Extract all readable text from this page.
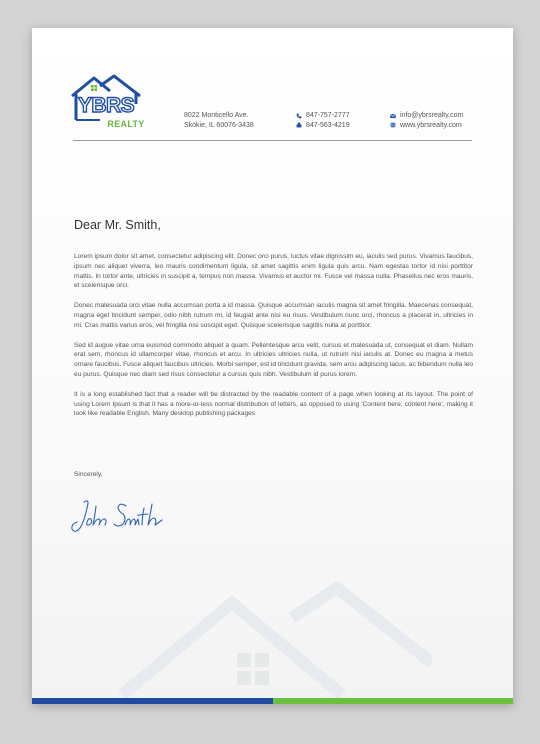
YBRS
REALTY
8022 Monticello Ave.
Skokie, IL 60076-3438
847-757-2777
847-563-4219
info@ybrsrealty.com
www.ybrsrealty.com
Dear Mr. Smith,

Lorem ipsum dolor sit amet, consectetur adipiscing elit. Donec orci purus, luctus vitae dignissim eu, iaculis sed purus. Vivamus faucibus, ipsum nec aliquet viverra, leo mauris condimentum ligula, sit amet sagittis enim ligula quis arcu. Nam egestas tortor id nisi porttitor mattis. In tortor ante, ultricies in suscipit a, tempus non massa. Vivamus et auctor mi. Fusce vel massa nulla. Phasellus nec eros mauris, et scelerisque orci.

Donec malesuada orci vitae nulla accumsan porta a id massa. Quisque accumsan iaculis magna sit amet fringilla. Maecenas consequat, magna eget tincidunt semper, odio nibh rutrum mi, id feugiat ante nisi eu risus. Vestibulum nunc orci, rhoncus a placerat in, ultricies in mi. Cras mattis varius eros, vel fringilla nisi suscipit eget. Quisque scelerisque sagittis nulla at porttitor.

Sed id augue vitae urna euismod commodo aliquet a quam. Pellentesque arcu velit, cursus et malesuada ut, consequat et diam. Nullam erat sem, rhoncus id ullamcorper vitae, rhoncus et arcu. In ultricies ultricies nulla, ut rutrum nisi iaculis at. Donec eu magna a metus ornare faucibus. Fusce aliquet faucibus ultricies. Morbi semper, est id tincidunt gravida, sem arcu adipiscing lacus, ac bibendum nulla leo eu purus. Quisque nec diam sed risus consectetur a cursus quis nibh. Vestibulum id purus lorem.

It is a long established fact that a reader will be distracted by the readable content of a page when looking at its layout. The point of using Lorem Ipsum is that it has a more-or-less normal distribution of letters, as opposed to using 'Content here, content here', making it look like readable English. Many desktop publishing packages

Sincerely,
